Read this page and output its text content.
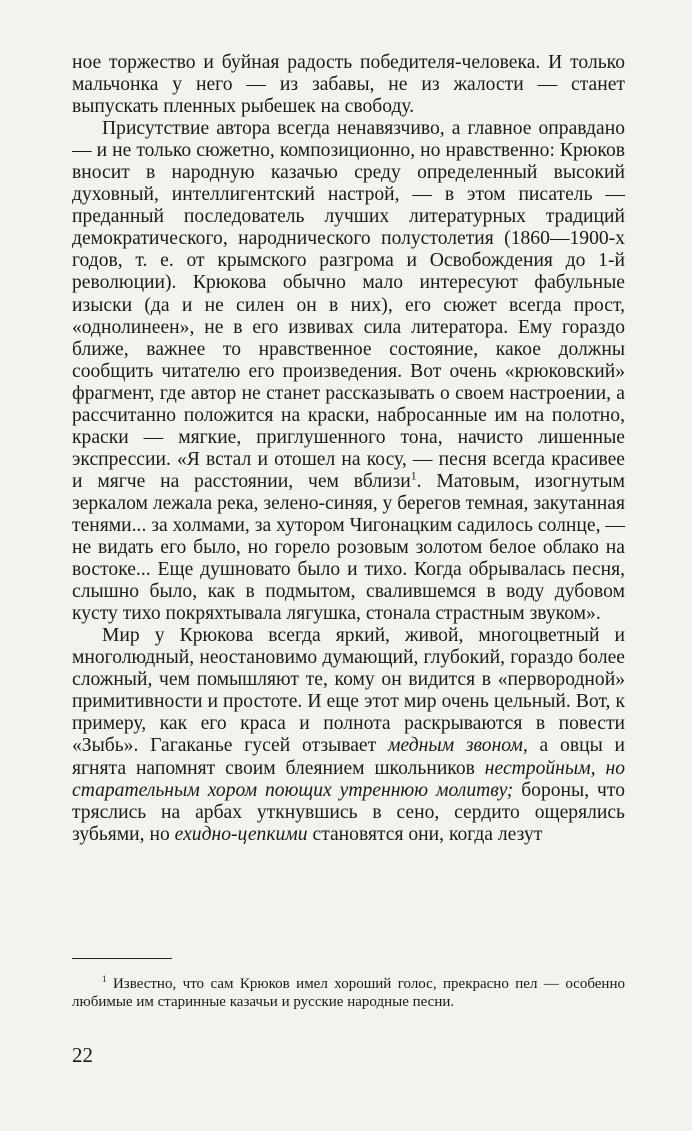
ное торжество и буйная радость победителя-человека. И только мальчонка у него — из забавы, не из жалости — станет выпускать пленных рыбешек на свободу.

Присутствие автора всегда ненавязчиво, а главное оправдано — и не только сюжетно, композиционно, но нравственно: Крюков вносит в народную казачью среду определенный высокий духовный, интеллигентский настрой, — в этом писатель — преданный последователь лучших литературных традиций демократического, народнического полустолетия (1860—1900-х годов, т. е. от крымского разгрома и Освобождения до 1-й революции). Крюкова обычно мало интересуют фабульные изыски (да и не силен он в них), его сюжет всегда прост, «однолинеен», не в его извивах сила литератора. Ему гораздо ближе, важнее то нравственное состояние, какое должны сообщить читателю его произведения. Вот очень «крюковский» фрагмент, где автор не станет рассказывать о своем настроении, а рассчитанно положится на краски, набросанные им на полотно, краски — мягкие, приглушенного тона, начисто лишенные экспрессии. «Я встал и отошел на косу, — песня всегда красивее и мягче на расстоянии, чем вблизи$^1$. Матовым, изогнутым зеркалом лежала река, зелено-синяя, у берегов темная, закутанная тенями... за холмами, за хутором Чигонацким садилось солнце, — не видать его было, но горело розовым золотом белое облако на востоке... Еще душновато было и тихо. Когда обрывалась песня, слышно было, как в подмытом, свалившемся в воду дубовом кусту тихо покряхтывала лягушка, стонала страстным звуком».

Мир у Крюкова всегда яркий, живой, многоцветный и многолюдный, неостановимо думающий, глубокий, гораздо более сложный, чем помышляют те, кому он видится в «первородной» примитивности и простоте. И еще этот мир очень цельный. Вот, к примеру, как его краса и полнота раскрываются в повести «Зыбь». Гагаканье гусей отзывает медным звоном, а овцы и ягнята напомнят своим блеянием школьников нестройным, но старательным хором поющих утреннюю молитву; бороны, что тряслись на арбах уткнувшись в сено, сердито ощерялись зубьями, но ехидно-цепкими становятся они, когда лезут

$^1$ Известно, что сам Крюков имел хороший голос, прекрасно пел — особенно любимые им старинные казачьи и русские народные песни.
22
